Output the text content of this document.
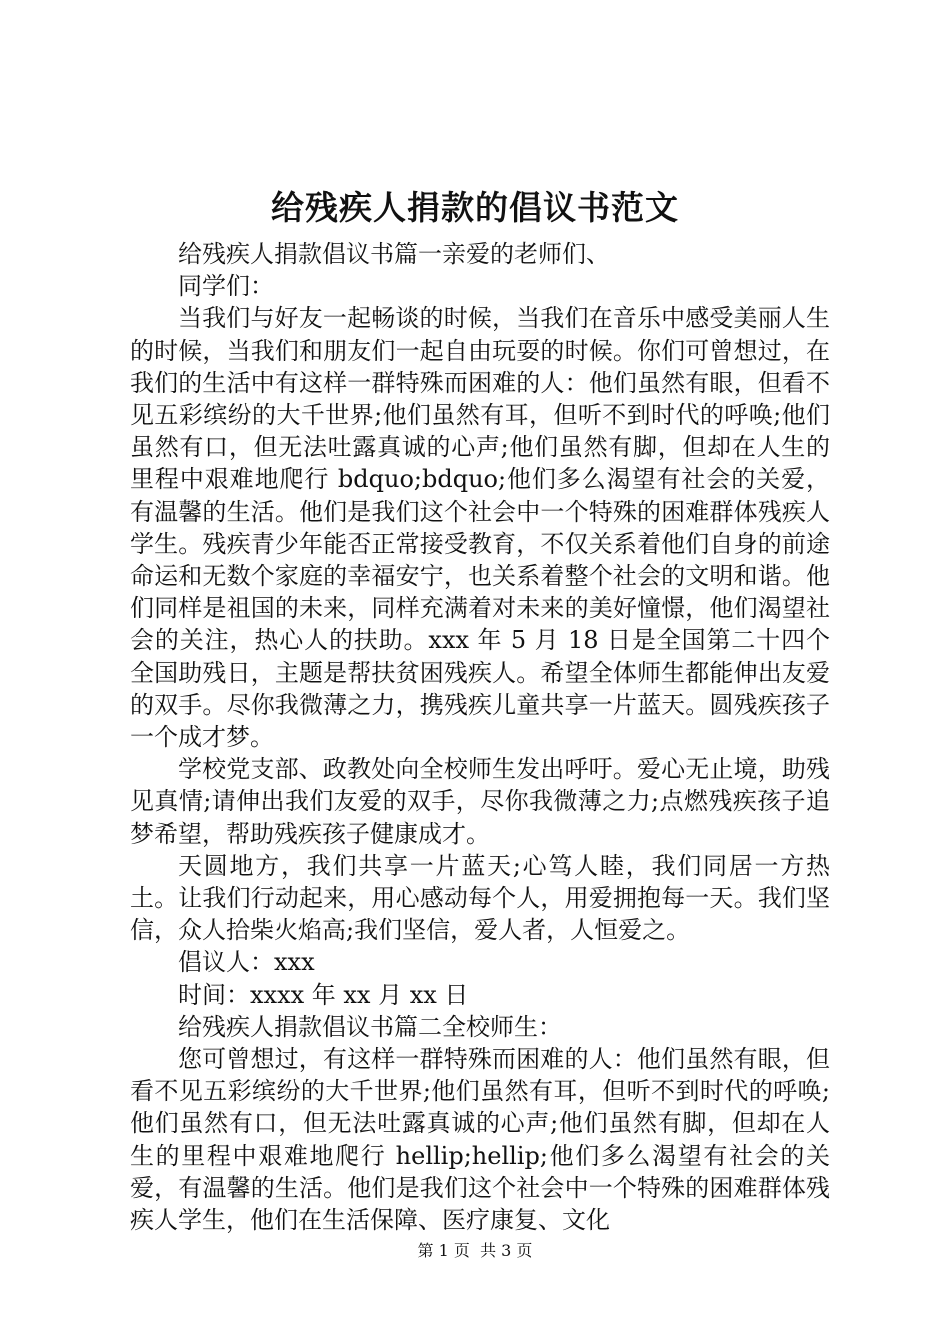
给残疾人捐款的倡议书范文

给残疾人捐款倡议书篇一亲爱的老师们、

同学们：

当我们与好友一起畅谈的时候，当我们在音乐中感受美丽人生的时候，当我们和朋友们一起自由玩耍的时候。你们可曾想过，在我们的生活中有这样一群特殊而困难的人：他们虽然有眼，但看不见五彩缤纷的大千世界;他们虽然有耳，但听不到时代的呼唤;他们虽然有口，但无法吐露真诚的心声;他们虽然有脚，但却在人生的里程中艰难地爬行 bdquo;bdquo;他们多么渴望有社会的关爱，有温馨的生活。他们是我们这个社会中一个特殊的困难群体残疾人学生。残疾青少年能否正常接受教育，不仅关系着他们自身的前途命运和无数个家庭的幸福安宁，也关系着整个社会的文明和谐。他们同样是祖国的未来，同样充满着对未来的美好憧憬，他们渴望社会的关注，热心人的扶助。xxx 年 5 月 18 日是全国第二十四个全国助残日，主题是帮扶贫困残疾人。希望全体师生都能伸出友爱的双手。尽你我微薄之力，携残疾儿童共享一片蓝天。圆残疾孩子一个成才梦。

学校党支部、政教处向全校师生发出呼吁。爱心无止境，助残见真情;请伸出我们友爱的双手，尽你我微薄之力;点燃残疾孩子追梦希望，帮助残疾孩子健康成才。

天圆地方，我们共享一片蓝天;心笃人睦，我们同居一方热土。让我们行动起来，用心感动每个人，用爱拥抱每一天。我们坚信，众人拾柴火焰高;我们坚信，爱人者，人恒爱之。

倡议人：xxx

时间：xxxx 年 xx 月 xx 日

给残疾人捐款倡议书篇二全校师生：

您可曾想过，有这样一群特殊而困难的人：他们虽然有眼，但看不见五彩缤纷的大千世界;他们虽然有耳，但听不到时代的呼唤;他们虽然有口，但无法吐露真诚的心声;他们虽然有脚，但却在人生的里程中艰难地爬行 hellip;hellip;他们多么渴望有社会的关爱，有温馨的生活。他们是我们这个社会中一个特殊的困难群体残疾人学生，他们在生活保障、医疗康复、文化

第 1 页 共 3 页
